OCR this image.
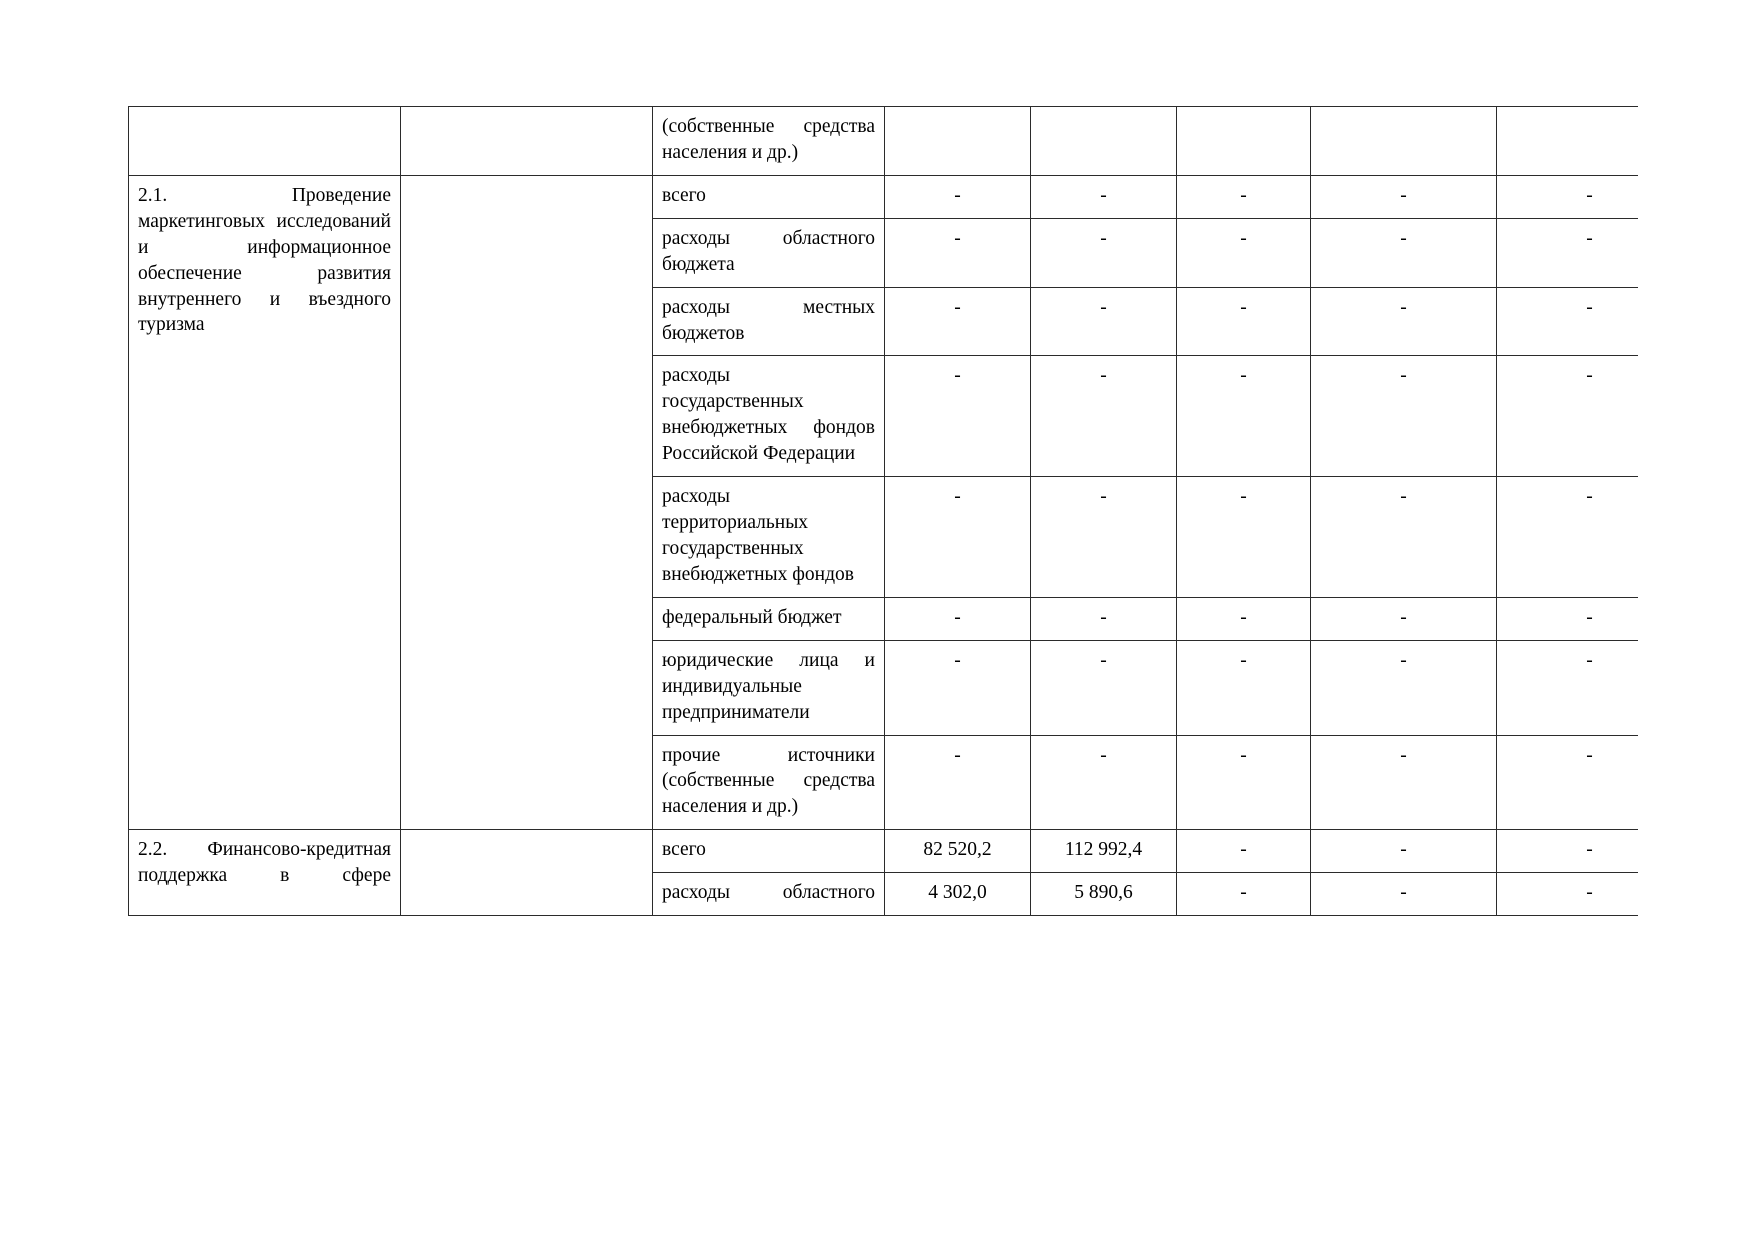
		(собственные средства населения и др.)						
2.1. Проведение маркетинговых исследований и информационное обеспечение развития внутреннего и въездного туризма		всего	-	-	-	-	-	
		расходы областного бюджета	-	-	-	-	-	
		расходы местных бюджетов	-	-	-	-	-	
		расходы государственных внебюджетных фондов Российской Федерации	-	-	-	-	-	
		расходы территориальных государственных внебюджетных фондов	-	-	-	-	-	
		федеральный бюджет	-	-	-	-	-	
		юридические лица и индивидуальные предприниматели	-	-	-	-	-	
		прочие источники (собственные средства населения и др.)	-	-	-	-	-	
2.2. Финансово-кредитная поддержка в сфере		всего	82 520,2	112 992,4	-	-	-	
		расходы областного	4 302,0	5 890,6	-	-	-	
